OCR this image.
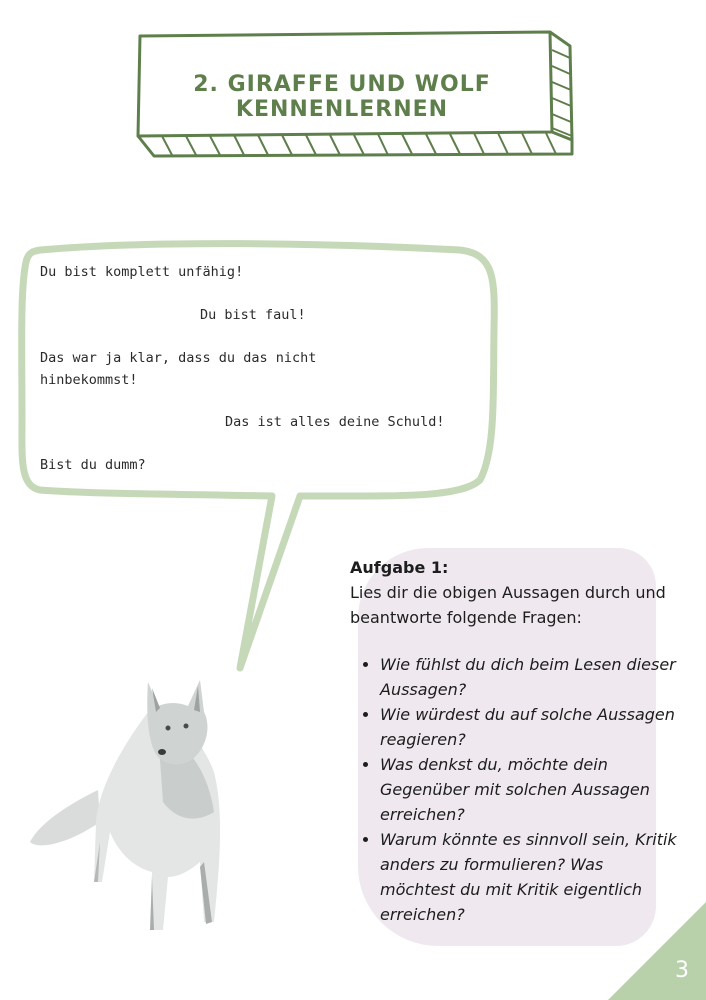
2. GIRAFFE UND WOLF KENNENLERNEN
Du bist komplett unfähig!
Du bist faul!
Das war ja klar, dass du das nicht hinbekommst!
Das ist alles deine Schuld!
Bist du dumm?
Aufgabe 1:

Lies dir die obigen Aussagen durch und beantworte folgende Fragen:

• Wie fühlst du dich beim Lesen dieser Aussagen?
• Wie würdest du auf solche Aussagen reagieren?
• Was denkst du, möchte dein Gegenüber mit solchen Aussagen erreichen?
• Warum könnte es sinnvoll sein, Kritik anders zu formulieren? Was möchtest du mit Kritik eigentlich erreichen?
3
